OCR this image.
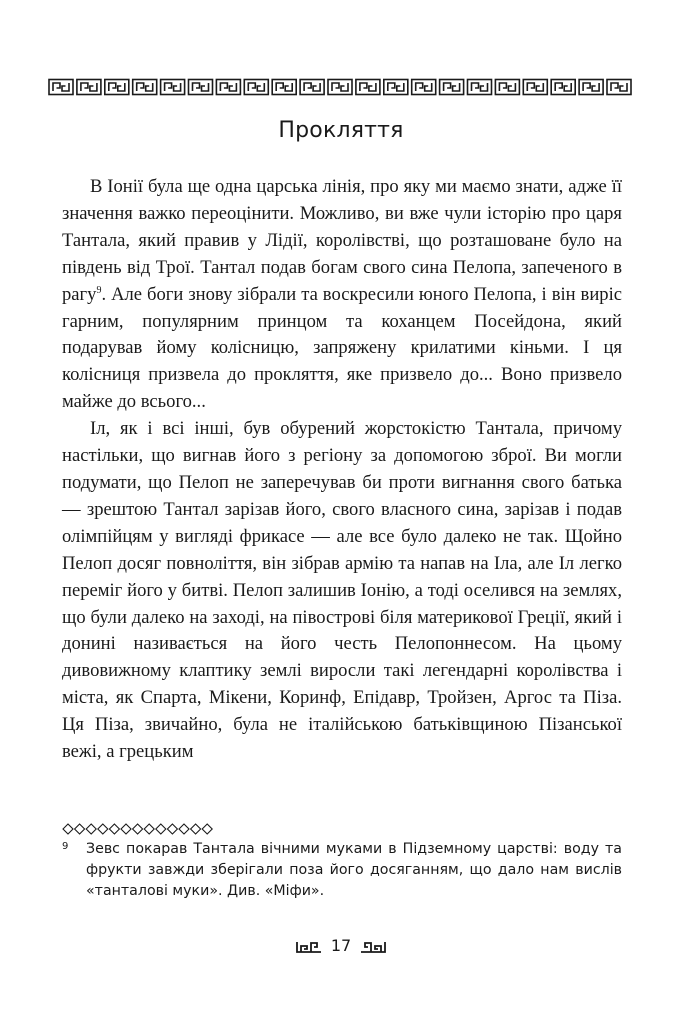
Прокляття

В Іонії була ще одна царська лінія, про яку ми маємо знати, адже її значення важко переоцінити. Можливо, ви вже чули історію про царя Тантала, який правив у Лідії, королівстві, що розташоване було на південь від Трої. Тантал подав богам свого сина Пелопа, запеченого в рагу$^9$. Але боги знову зібрали та воскресили юного Пелопа, і він виріс гарним, популярним принцом та коханцем Посейдона, який подарував йому колісницю, запряжену крилатими кіньми. І ця колісниця призвела до прокляття, яке призвело до... Воно призвело майже до всього...

Іл, як і всі інші, був обурений жорстокістю Тантала, причому настільки, що вигнав його з регіону за допомогою зброї. Ви могли подумати, що Пелоп не заперечував би проти вигнання свого батька — зрештою Тантал зарізав його, свого власного сина, зарізав і подав олімпійцям у вигляді фрикасе — але все було далеко не так. Щойно Пелоп досяг повноліття, він зібрав армію та напав на Іла, але Іл легко переміг його у битві. Пелоп залишив Іонію, а тоді оселився на землях, що були далеко на заході, на півострові біля материкової Греції, який і донині називається на його честь Пелопоннесом. На цьому дивовижному клаптику землі виросли такі легендарні королівства і міста, як Спарта, Мікени, Коринф, Епідавр, Тройзен, Аргос та Піза. Ця Піза, звичайно, була не італійською батьківщиною Пізанської вежі, а грецьким

9	Зевс покарав Тантала вічними муками в Підземному царстві: воду та фрукти завжди зберігали поза його досяганням, що дало нам вислів «танталові муки». Див. «Міфи».
17
